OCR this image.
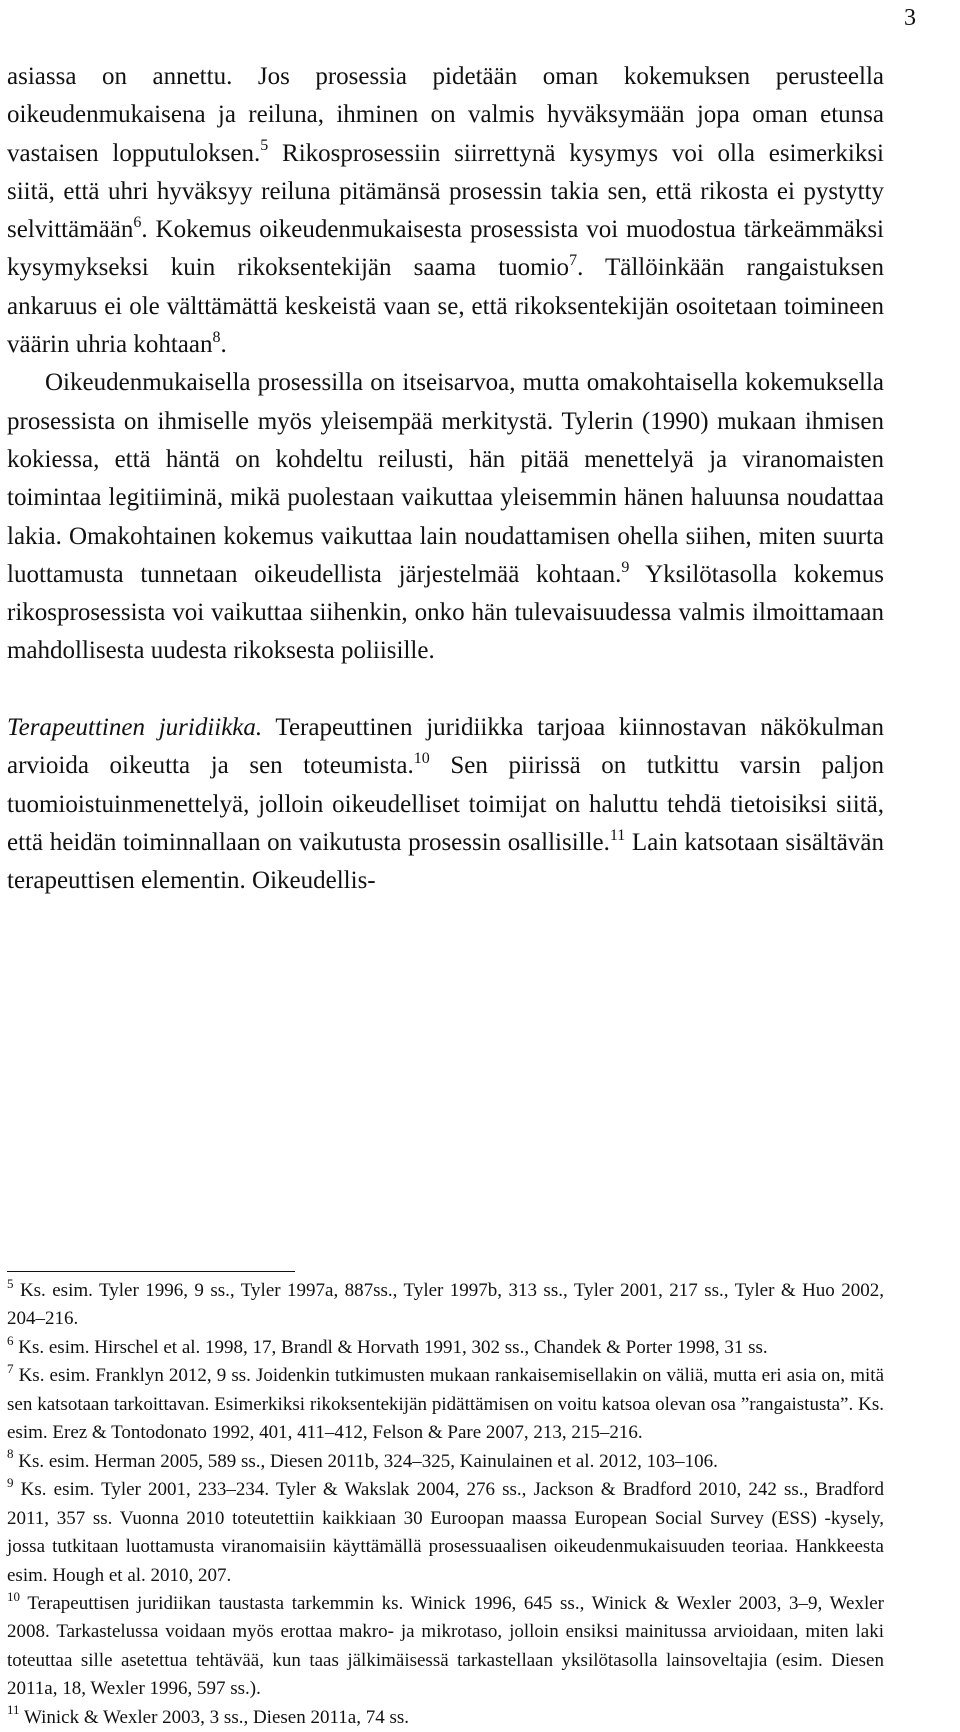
3

asiassa on annettu. Jos prosessia pidetään oman kokemuksen perusteella oikeudenmukaisena ja reiluna, ihminen on valmis hyväksymään jopa oman etunsa vastaisen lopputuloksen.$^5$ Rikosprosessiin siirrettynä kysymys voi olla esimerkiksi siitä, että uhri hyväksyy reiluna pitämänsä prosessin takia sen, että rikosta ei pystytty selvittämään$^6$. Kokemus oikeudenmukaisesta prosessista voi muodostua tärkeämmäksi kysymykseksi kuin rikoksentekijän saama tuomio$^7$. Tällöinkään rangaistuksen ankaruus ei ole välttämättä keskeistä vaan se, että rikoksentekijän osoitetaan toimineen väärin uhria kohtaan$^8$.

Oikeudenmukaisella prosessilla on itseisarvoa, mutta omakohtaisella kokemuksella prosessista on ihmiselle myös yleisempää merkitystä. Tylerin (1990) mukaan ihmisen kokiessa, että häntä on kohdeltu reilusti, hän pitää menettelyä ja viranomaisten toimintaa legitiiminä, mikä puolestaan vaikuttaa yleisemmin hänen haluunsa noudattaa lakia. Omakohtainen kokemus vaikuttaa lain noudattamisen ohella siihen, miten suurta luottamusta tunnetaan oikeudellista järjestelmää kohtaan.$^9$ Yksilötasolla kokemus rikosprosessista voi vaikuttaa siihenkin, onko hän tulevaisuudessa valmis ilmoittamaan mahdollisesta uudesta rikoksesta poliisille.

Terapeuttinen juridiikka. Terapeuttinen juridiikka tarjoaa kiinnostavan näkökulman arvioida oikeutta ja sen toteumista.$^{10}$ Sen piirissä on tutkittu varsin paljon tuomioistuinmenettelyä, jolloin oikeudelliset toimijat on haluttu tehdä tietoisiksi siitä, että heidän toiminnallaan on vaikutusta prosessin osallisille.$^{11}$ Lain katsotaan sisältävän terapeuttisen elementin. Oikeudellis-

$^5$ Ks. esim. Tyler 1996, 9 ss., Tyler 1997a, 887ss., Tyler 1997b, 313 ss., Tyler 2001, 217 ss., Tyler & Huo 2002, 204–216.

$^6$ Ks. esim. Hirschel et al. 1998, 17, Brandl & Horvath 1991, 302 ss., Chandek & Porter 1998, 31 ss.

$^7$ Ks. esim. Franklyn 2012, 9 ss. Joidenkin tutkimusten mukaan rankaisemisellakin on väliä, mutta eri asia on, mitä sen katsotaan tarkoittavan. Esimerkiksi rikoksentekijän pidättämisen on voitu katsoa olevan osa ”rangaistusta”. Ks. esim. Erez & Tontodonato 1992, 401, 411–412, Felson & Pare 2007, 213, 215–216.

$^8$ Ks. esim. Herman 2005, 589 ss., Diesen 2011b, 324–325, Kainulainen et al. 2012, 103–106.

$^9$ Ks. esim. Tyler 2001, 233–234. Tyler & Wakslak 2004, 276 ss., Jackson & Bradford 2010, 242 ss., Bradford 2011, 357 ss. Vuonna 2010 toteutettiin kaikkiaan 30 Euroopan maassa European Social Survey (ESS) -kysely, jossa tutkitaan luottamusta viranomaisiin käyttämällä prosessuaalisen oikeudenmukaisuuden teoriaa. Hankkeesta esim. Hough et al. 2010, 207.

$^{10}$ Terapeuttisen juridiikan taustasta tarkemmin ks. Winick 1996, 645 ss., Winick & Wexler 2003, 3–9, Wexler 2008. Tarkastelussa voidaan myös erottaa makro- ja mikrotaso, jolloin ensiksi mainitussa arvioidaan, miten laki toteuttaa sille asetettua tehtävää, kun taas jälkimäisessä tarkastellaan yksilötasolla lainsoveltajia (esim. Diesen 2011a, 18, Wexler 1996, 597 ss.).

$^{11}$ Winick & Wexler 2003, 3 ss., Diesen 2011a, 74 ss.
